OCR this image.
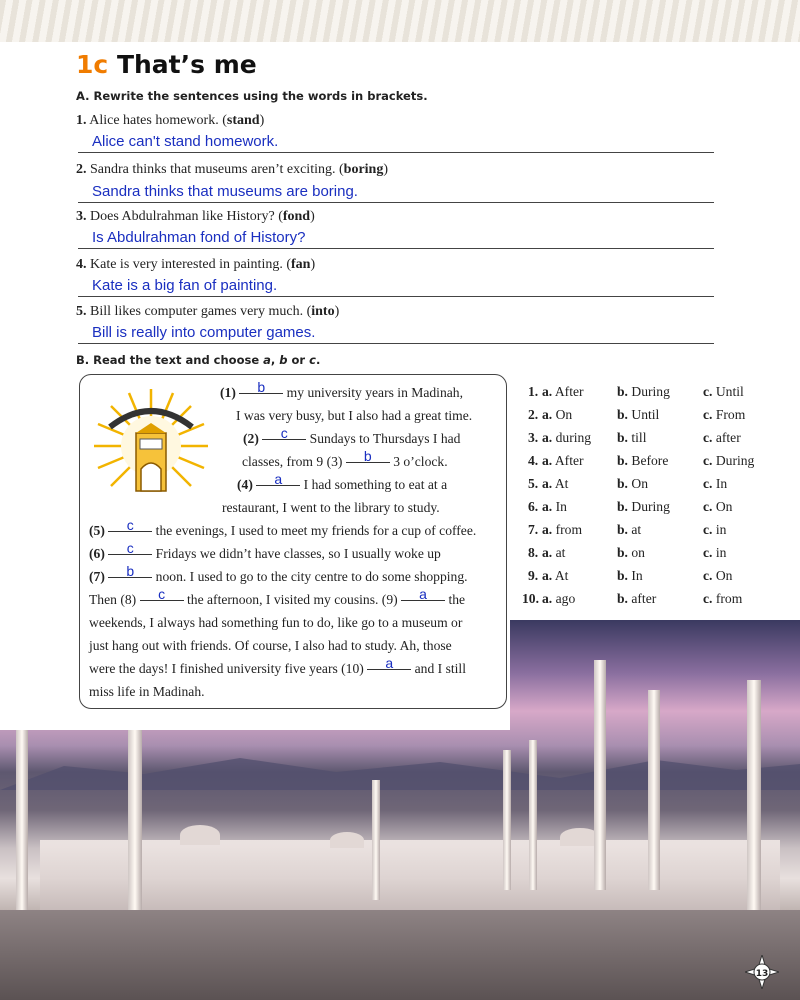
1c That’s me
A. Rewrite the sentences using the words in brackets.
1. Alice hates homework. (stand)
Alice can't stand homework.
2. Sandra thinks that museums aren’t exciting. (boring)
Sandra thinks that museums are boring.
3. Does Abdulrahman like History? (fond)
Is Abdulrahman fond of History?
4. Kate is very interested in painting. (fan)
Kate is a big fan of painting.
5. Bill likes computer games very much. (into)
Bill is really into computer games.
B. Read the text and choose a, b or c.
(1) b my university years in Madinah,
I was very busy, but I also had a great time.
(2) c Sundays to Thursdays I had
classes, from 9 (3) b 3 o’clock.
(4) a I had something to eat at a
restaurant, I went to the library to study.
(5) c the evenings, I used to meet my friends for a cup of coffee.
(6) c Fridays we didn’t have classes, so I usually woke up
(7) b noon. I used to go to the city centre to do some shopping.
Then (8) c the afternoon, I visited my cousins. (9) a the
weekends, I always had something fun to do, like go to a museum or
just hang out with friends. Of course, I also had to study. Ah, those
were the days! I finished university five years (10) a and I still
miss life in Madinah.
1. a. After b. During c. Until
2. a. On	b. Until	c. From
3. a. during b. till	c. after
4. a. After b. Before	c. During
5. a. At	b. On	c. In
6. a. In	b. During c. On
7. a. from	b. at	c. in
8. a. at	b. on	c. in
9. a. At	b. In	c. On
10. a. ago	b. after	c. from
13
